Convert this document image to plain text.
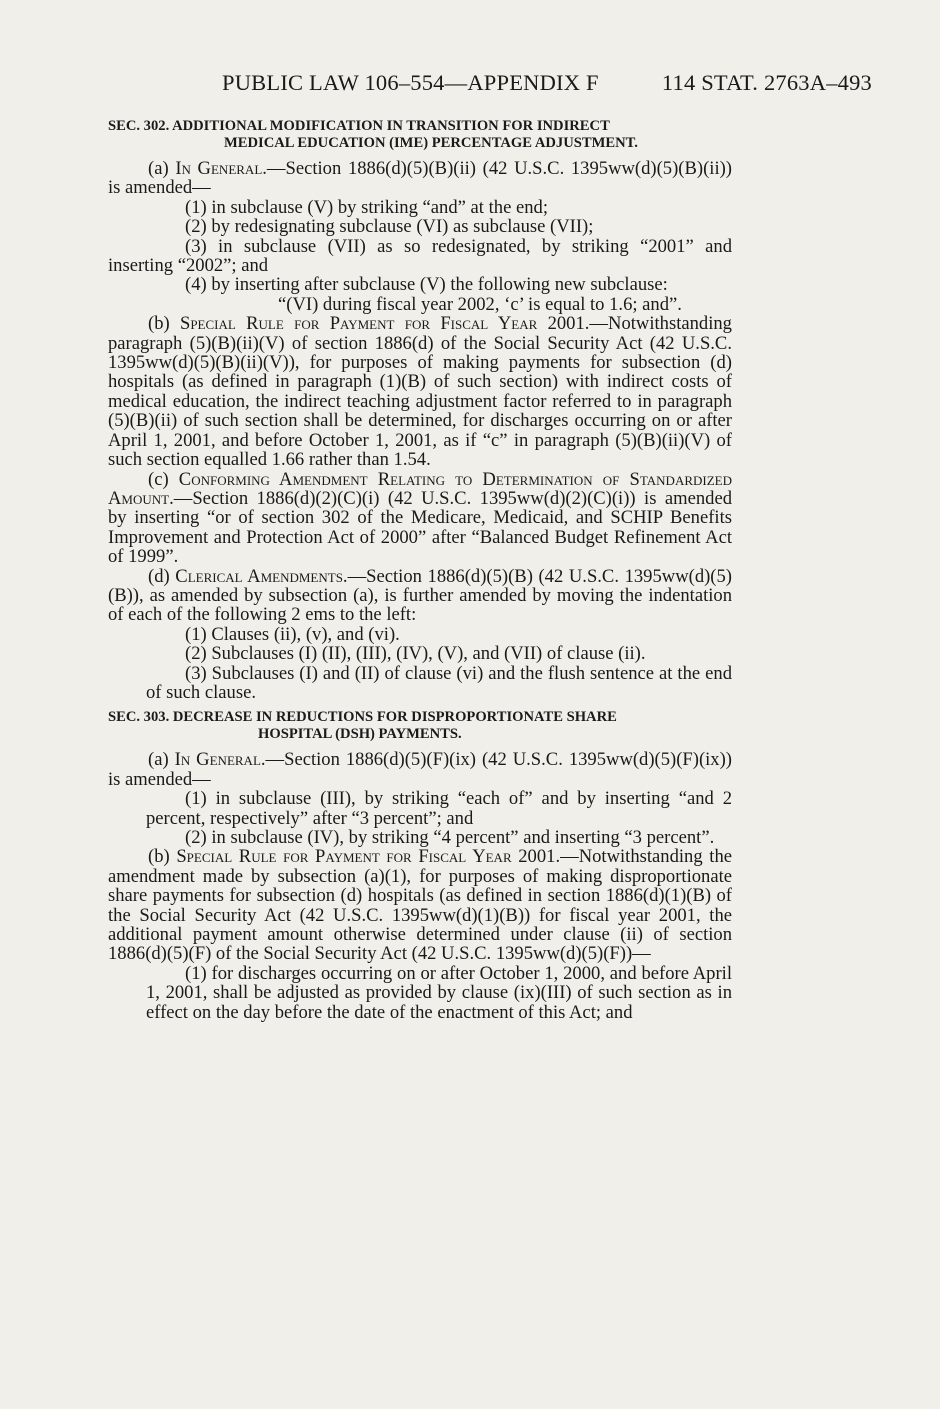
PUBLIC LAW 106–554—APPENDIX F	114 STAT. 2763A–493

SEC. 302. ADDITIONAL MODIFICATION IN TRANSITION FOR INDIRECT
MEDICAL EDUCATION (IME) PERCENTAGE ADJUSTMENT.

(a) In General.—Section 1886(d)(5)(B)(ii) (42 U.S.C. 1395ww(d)(5)(B)(ii)) is amended—

(1) in subclause (V) by striking “and” at the end;

(2) by redesignating subclause (VI) as subclause (VII);

(3) in subclause (VII) as so redesignated, by striking “2001” and inserting “2002”; and

(4) by inserting after subclause (V) the following new subclause:

“(VI) during fiscal year 2002, ‘c’ is equal to 1.6; and”.

(b) Special Rule for Payment for Fiscal Year 2001.—Notwithstanding paragraph (5)(B)(ii)(V) of section 1886(d) of the Social Security Act (42 U.S.C. 1395ww(d)(5)(B)(ii)(V)), for purposes of making payments for subsection (d) hospitals (as defined in paragraph (1)(B) of such section) with indirect costs of medical education, the indirect teaching adjustment factor referred to in paragraph (5)(B)(ii) of such section shall be determined, for discharges occurring on or after April 1, 2001, and before October 1, 2001, as if “c” in paragraph (5)(B)(ii)(V) of such section equalled 1.66 rather than 1.54.

(c) Conforming Amendment Relating to Determination of Standardized Amount.—Section 1886(d)(2)(C)(i) (42 U.S.C. 1395ww(d)(2)(C)(i)) is amended by inserting “or of section 302 of the Medicare, Medicaid, and SCHIP Benefits Improvement and Protection Act of 2000” after “Balanced Budget Refinement Act of 1999”.

(d) Clerical Amendments.—Section 1886(d)(5)(B) (42 U.S.C. 1395ww(d)(5)(B)), as amended by subsection (a), is further amended by moving the indentation of each of the following 2 ems to the left:

(1) Clauses (ii), (v), and (vi).

(2) Subclauses (I) (II), (III), (IV), (V), and (VII) of clause (ii).

(3) Subclauses (I) and (II) of clause (vi) and the flush sentence at the end of such clause.

SEC. 303. DECREASE IN REDUCTIONS FOR DISPROPORTIONATE SHARE
HOSPITAL (DSH) PAYMENTS.

(a) In General.—Section 1886(d)(5)(F)(ix) (42 U.S.C. 1395ww(d)(5)(F)(ix)) is amended—

(1) in subclause (III), by striking “each of” and by inserting “and 2 percent, respectively” after “3 percent”; and

(2) in subclause (IV), by striking “4 percent” and inserting “3 percent”.

(b) Special Rule for Payment for Fiscal Year 2001.—Notwithstanding the amendment made by subsection (a)(1), for purposes of making disproportionate share payments for subsection (d) hospitals (as defined in section 1886(d)(1)(B) of the Social Security Act (42 U.S.C. 1395ww(d)(1)(B)) for fiscal year 2001, the additional payment amount otherwise determined under clause (ii) of section 1886(d)(5)(F) of the Social Security Act (42 U.S.C. 1395ww(d)(5)(F))—

(1) for discharges occurring on or after October 1, 2000, and before April 1, 2001, shall be adjusted as provided by clause (ix)(III) of such section as in effect on the day before the date of the enactment of this Act; and
